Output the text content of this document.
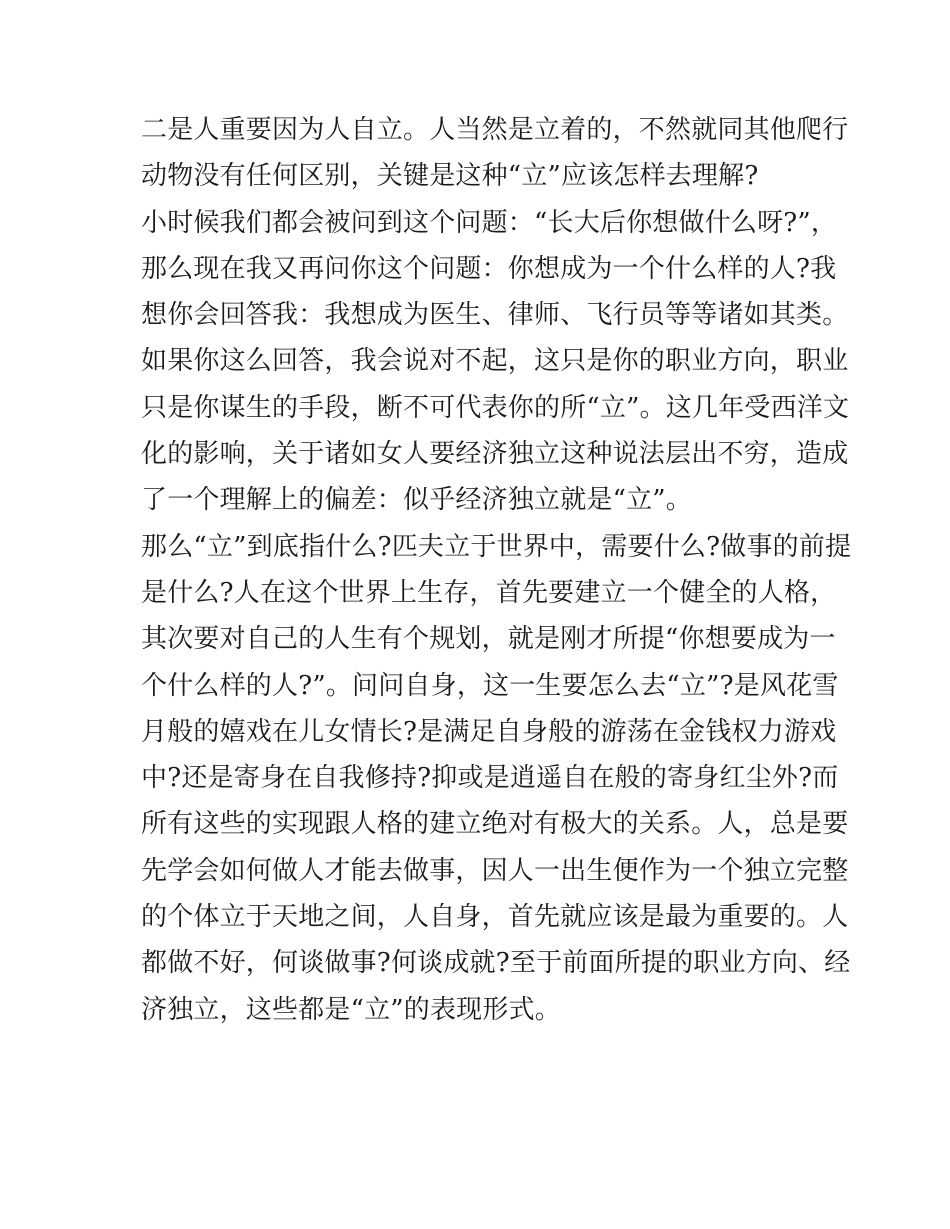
二是人重要因为人自立。人当然是立着的，不然就同其他爬行
动物没有任何区别，关键是这种“立”应该怎样去理解?
小时候我们都会被问到这个问题：“长大后你想做什么呀?”，
那么现在我又再问你这个问题：你想成为一个什么样的人?我
想你会回答我：我想成为医生、律师、飞行员等等诸如其类。
如果你这么回答，我会说对不起，这只是你的职业方向，职业
只是你谋生的手段，断不可代表你的所“立”。这几年受西洋文
化的影响，关于诸如女人要经济独立这种说法层出不穷，造成
了一个理解上的偏差：似乎经济独立就是“立”。
那么“立”到底指什么?匹夫立于世界中，需要什么?做事的前提
是什么?人在这个世界上生存，首先要建立一个健全的人格，
其次要对自己的人生有个规划，就是刚才所提“你想要成为一
个什么样的人?”。问问自身，这一生要怎么去“立”?是风花雪
月般的嬉戏在儿女情长?是满足自身般的游荡在金钱权力游戏
中?还是寄身在自我修持?抑或是逍遥自在般的寄身红尘外?而
所有这些的实现跟人格的建立绝对有极大的关系。人，总是要
先学会如何做人才能去做事，因人一出生便作为一个独立完整
的个体立于天地之间，人自身，首先就应该是最为重要的。人
都做不好，何谈做事?何谈成就?至于前面所提的职业方向、经
济独立，这些都是“立”的表现形式。
